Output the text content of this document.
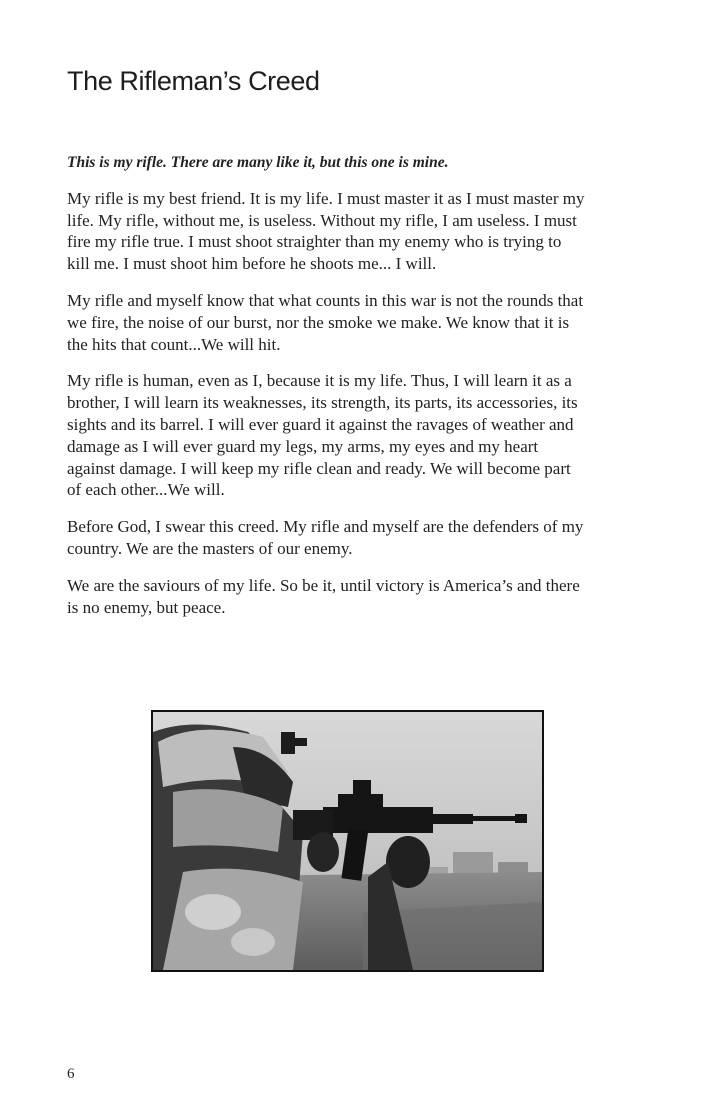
The Rifleman’s Creed

This is my rifle. There are many like it, but this one is mine.

My rifle is my best friend. It is my life. I must master it as I must master my life. My rifle, without me, is useless. Without my rifle, I am useless. I must fire my rifle true. I must shoot straighter than my enemy who is trying to kill me. I must shoot him before he shoots me... I will.

My rifle and myself know that what counts in this war is not the rounds that we fire, the noise of our burst, nor the smoke we make. We know that it is the hits that count...We will hit.

My rifle is human, even as I, because it is my life. Thus, I will learn it as a brother, I will learn its weaknesses, its strength, its parts, its accessories, its sights and its barrel. I will ever guard it against the ravages of weather and damage as I will ever guard my legs, my arms, my eyes and my heart against damage. I will keep my rifle clean and ready. We will become part of each other...We will.

Before God, I swear this creed. My rifle and myself are the defenders of my country. We are the masters of our enemy.

We are the saviours of my life. So be it, until victory is America’s and there is no enemy, but peace.

6
